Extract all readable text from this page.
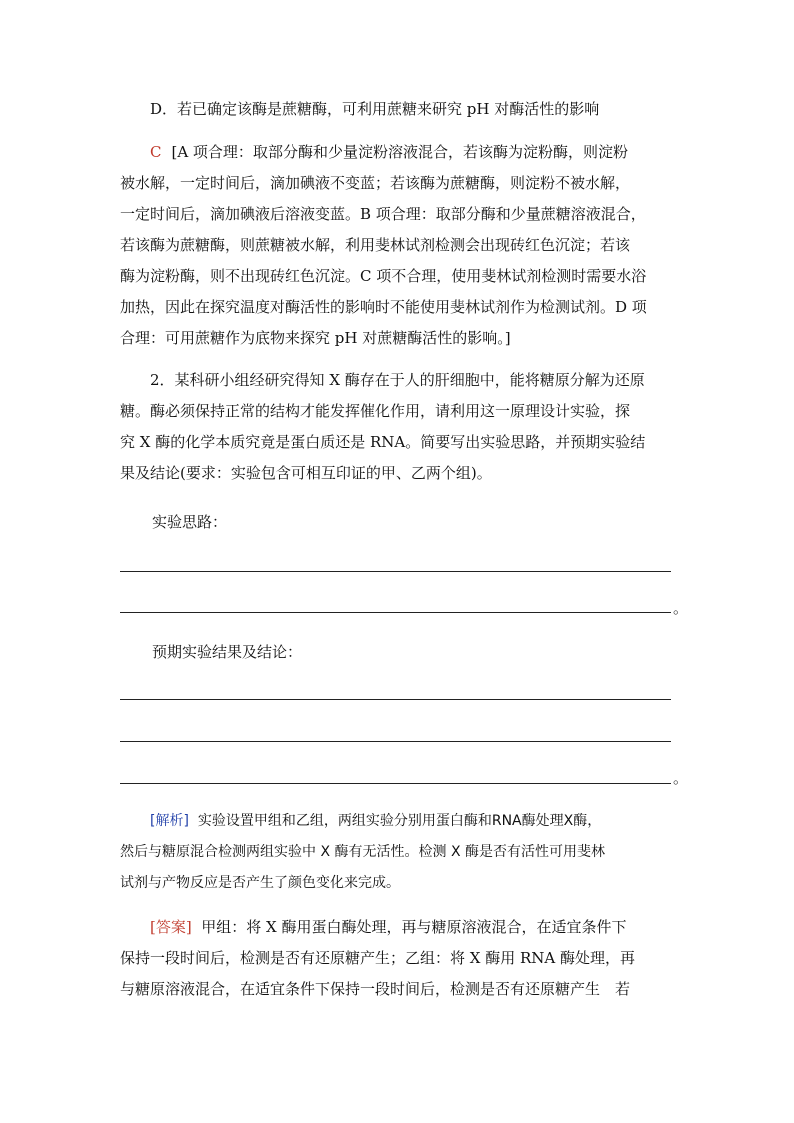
D．若已确定该酶是蔗糖酶，可利用蔗糖来研究 pH 对酶活性的影响

C [A 项合理：取部分酶和少量淀粉溶液混合，若该酶为淀粉酶，则淀粉
被水解，一定时间后，滴加碘液不变蓝；若该酶为蔗糖酶，则淀粉不被水解，
一定时间后，滴加碘液后溶液变蓝。B 项合理：取部分酶和少量蔗糖溶液混合，
若该酶为蔗糖酶，则蔗糖被水解，利用斐林试剂检测会出现砖红色沉淀；若该
酶为淀粉酶，则不出现砖红色沉淀。C 项不合理，使用斐林试剂检测时需要水浴
加热，因此在探究温度对酶活性的影响时不能使用斐林试剂作为检测试剂。D 项
合理：可用蔗糖作为底物来探究 pH 对蔗糖酶活性的影响。]

2．某科研小组经研究得知 X 酶存在于人的肝细胞中，能将糖原分解为还原
糖。酶必须保持正常的结构才能发挥催化作用，请利用这一原理设计实验，探
究 X 酶的化学本质究竟是蛋白质还是 RNA。简要写出实验思路，并预期实验结
果及结论(要求：实验包含可相互印证的甲、乙两个组)。

实验思路：

。

预期实验结果及结论：

。

[解析] 实验设置甲组和乙组，两组实验分别用蛋白酶和RNA酶处理X酶，
然后与糖原混合检测两组实验中 X 酶有无活性。检测 X 酶是否有活性可用斐林
试剂与产物反应是否产生了颜色变化来完成。

[答案] 甲组：将 X 酶用蛋白酶处理，再与糖原溶液混合，在适宜条件下
保持一段时间后，检测是否有还原糖产生；乙组：将 X 酶用 RNA 酶处理，再
与糖原溶液混合，在适宜条件下保持一段时间后，检测是否有还原糖产生　若
